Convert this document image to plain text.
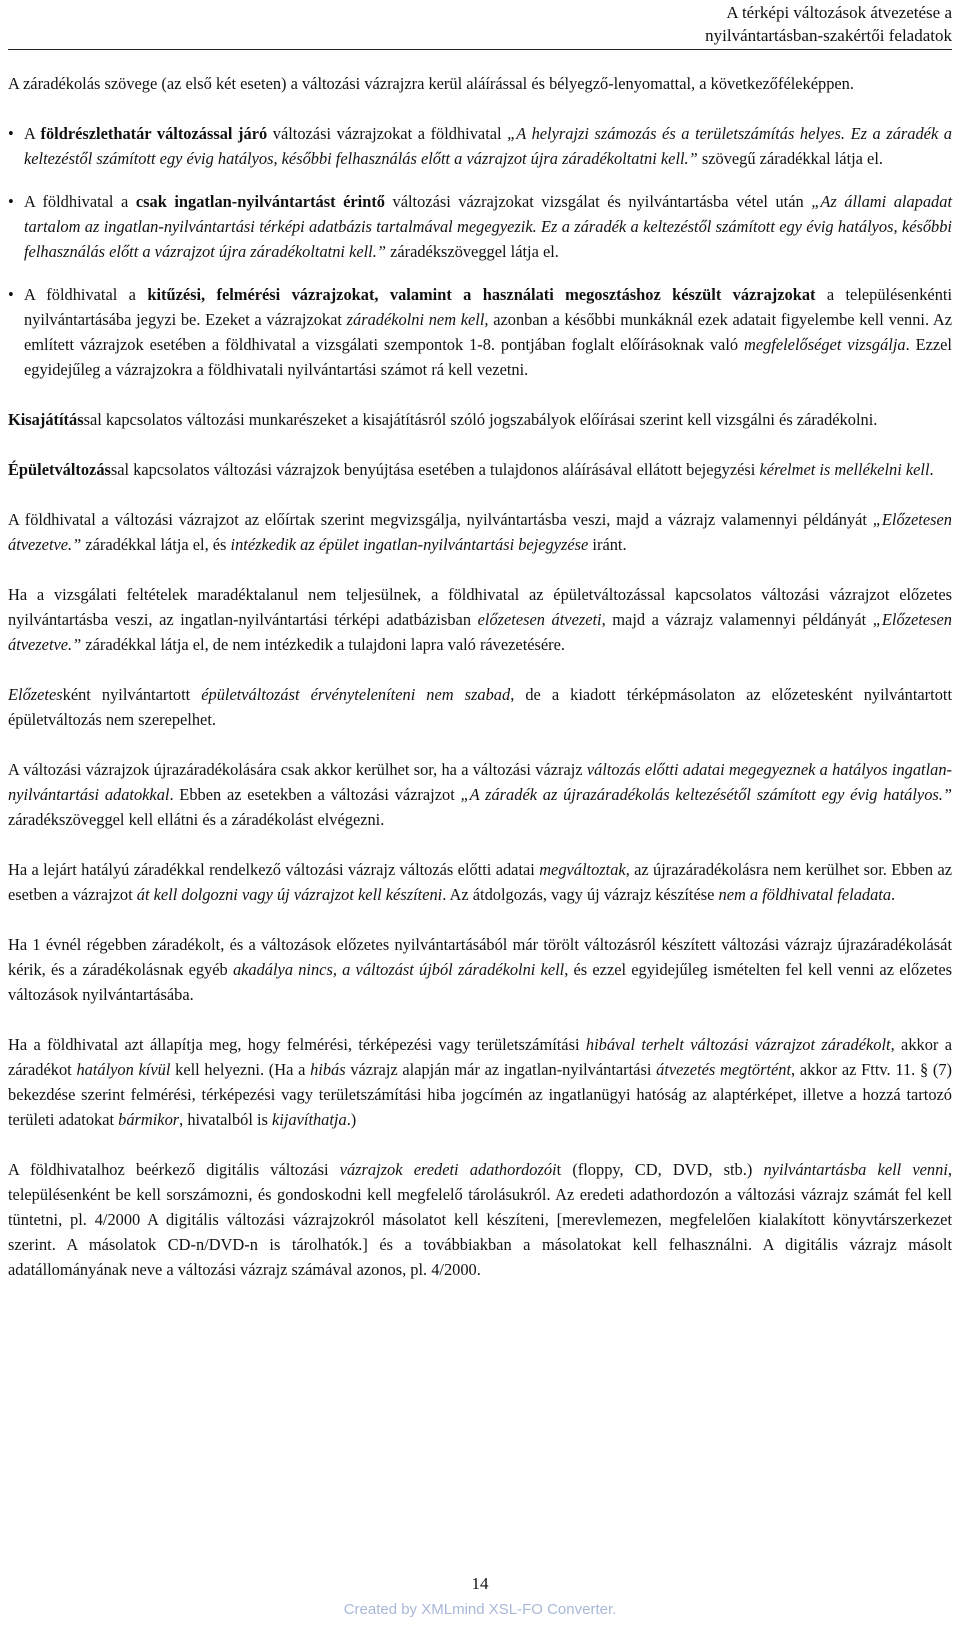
A térképi változások átvezetése a
nyilvántartásban-szakértői feladatok

A záradékolás szövege (az első két eseten) a változási vázrajzra kerül aláírással és bélyegző-lenyomattal, a következőféleképpen.

• A földrészlethatár változással járó változási vázrajzokat a földhivatal „A helyrajzi számozás és a területszámítás helyes. Ez a záradék a keltezéstől számított egy évig hatályos, későbbi felhasználás előtt a vázrajzot újra záradékoltatni kell.” szövegű záradékkal látja el.
• A földhivatal a csak ingatlan-nyilvántartást érintő változási vázrajzokat vizsgálat és nyilvántartásba vétel után „Az állami alapadat tartalom az ingatlan-nyilvántartási térképi adatbázis tartalmával megegyezik. Ez a záradék a keltezéstől számított egy évig hatályos, későbbi felhasználás előtt a vázrajzot újra záradékoltatni kell.” záradékszöveggel látja el.
• A földhivatal a kitűzési, felmérési vázrajzokat, valamint a használati megosztáshoz készült vázrajzokat a településenkénti nyilvántartásába jegyzi be. Ezeket a vázrajzokat záradékolni nem kell, azonban a későbbi munkáknál ezek adatait figyelembe kell venni. Az említett vázrajzok esetében a földhivatal a vizsgálati szempontok 1-8. pontjában foglalt előírásoknak való megfelelőséget vizsgálja. Ezzel egyidejűleg a vázrajzokra a földhivatali nyilvántartási számot rá kell vezetni.

Kisajátítással kapcsolatos változási munkarészeket a kisajátításról szóló jogszabályok előírásai szerint kell vizsgálni és záradékolni.

Épületváltozással kapcsolatos változási vázrajzok benyújtása esetében a tulajdonos aláírásával ellátott bejegyzési kérelmet is mellékelni kell.

A földhivatal a változási vázrajzot az előírtak szerint megvizsgálja, nyilvántartásba veszi, majd a vázrajz valamennyi példányát „Előzetesen átvezetve.” záradékkal látja el, és intézkedik az épület ingatlan-nyilvántartási bejegyzése iránt.

Ha a vizsgálati feltételek maradéktalanul nem teljesülnek, a földhivatal az épületváltozással kapcsolatos változási vázrajzot előzetes nyilvántartásba veszi, az ingatlan-nyilvántartási térképi adatbázisban előzetesen átvezeti, majd a vázrajz valamennyi példányát „Előzetesen átvezetve.” záradékkal látja el, de nem intézkedik a tulajdoni lapra való rávezetésére.

Előzetesként nyilvántartott épületváltozást érvényteleníteni nem szabad, de a kiadott térképmásolaton az előzetesként nyilvántartott épületváltozás nem szerepelhet.

A változási vázrajzok újrazáradékolására csak akkor kerülhet sor, ha a változási vázrajz változás előtti adatai megegyeznek a hatályos ingatlan-nyilvántartási adatokkal. Ebben az esetekben a változási vázrajzot „A záradék az újrazáradékolás keltezésétől számított egy évig hatályos.” záradékszöveggel kell ellátni és a záradékolást elvégezni.

Ha a lejárt hatályú záradékkal rendelkező változási vázrajz változás előtti adatai megváltoztak, az újrazáradékolásra nem kerülhet sor. Ebben az esetben a vázrajzot át kell dolgozni vagy új vázrajzot kell készíteni. Az átdolgozás, vagy új vázrajz készítése nem a földhivatal feladata.

Ha 1 évnél régebben záradékolt, és a változások előzetes nyilvántartásából már törölt változásról készített változási vázrajz újrazáradékolását kérik, és a záradékolásnak egyéb akadálya nincs, a változást újból záradékolni kell, és ezzel egyidejűleg ismételten fel kell venni az előzetes változások nyilvántartásába.

Ha a földhivatal azt állapítja meg, hogy felmérési, térképezési vagy területszámítási hibával terhelt változási vázrajzot záradékolt, akkor a záradékot hatályon kívül kell helyezni. (Ha a hibás vázrajz alapján már az ingatlan-nyilvántartási átvezetés megtörtént, akkor az Fttv. 11. § (7) bekezdése szerint felmérési, térképezési vagy területszámítási hiba jogcímén az ingatlanügyi hatóság az alaptérképet, illetve a hozzá tartozó területi adatokat bármikor, hivatalból is kijavíthatja.)

A földhivatalhoz beérkező digitális változási vázrajzok eredeti adathordozóit (floppy, CD, DVD, stb.) nyilvántartásba kell venni, településenként be kell sorszámozni, és gondoskodni kell megfelelő tárolásukról. Az eredeti adathordozón a változási vázrajz számát fel kell tüntetni, pl. 4/2000 A digitális változási vázrajzokról másolatot kell készíteni, [merevlemezen, megfelelően kialakított könyvtárszerkezet szerint. A másolatok CD-n/DVD-n is tárolhatók.] és a továbbiakban a másolatokat kell felhasználni. A digitális vázrajz másolt adatállományának neve a változási vázrajz számával azonos, pl. 4/2000.

14
Created by XMLmind XSL-FO Converter.
